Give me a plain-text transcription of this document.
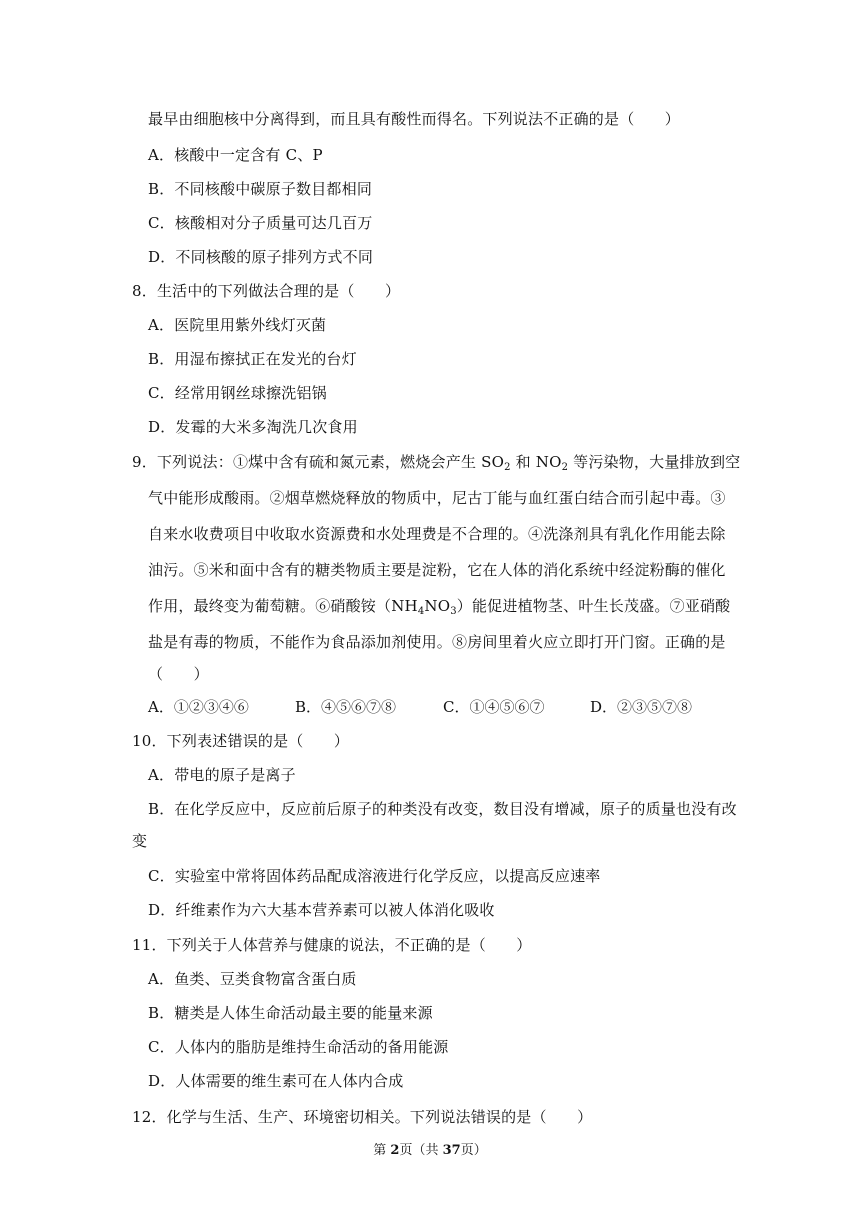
最早由细胞核中分离得到，而且具有酸性而得名。下列说法不正确的是（　　）
A．核酸中一定含有 C、P
B．不同核酸中碳原子数目都相同
C．核酸相对分子质量可达几百万
D．不同核酸的原子排列方式不同
8．生活中的下列做法合理的是（　　）
A．医院里用紫外线灯灭菌
B．用湿布擦拭正在发光的台灯
C．经常用钢丝球擦洗铝锅
D．发霉的大米多淘洗几次食用
9．下列说法：①煤中含有硫和氮元素，燃烧会产生 $SO_2$ 和 $NO_2$ 等污染物，大量排放到空
气中能形成酸雨。②烟草燃烧释放的物质中，尼古丁能与血红蛋白结合而引起中毒。③
自来水收费项目中收取水资源费和水处理费是不合理的。④洗涤剂具有乳化作用能去除
油污。⑤米和面中含有的糖类物质主要是淀粉，它在人体的消化系统中经淀粉酶的催化
作用，最终变为葡萄糖。⑥硝酸铵$(NH_4NO_3)$能促进植物茎、叶生长茂盛。⑦亚硝酸
盐是有毒的物质，不能作为食品添加剂使用。⑧房间里着火应立即打开门窗。正确的是
（　　）
A．①②③④⑥	B．④⑤⑥⑦⑧	C．①④⑤⑥⑦	D．②③⑤⑦⑧
10．下列表述错误的是（　　）
A．带电的原子是离子
B．在化学反应中，反应前后原子的种类没有改变，数目没有增减，原子的质量也没有改
变
C．实验室中常将固体药品配成溶液进行化学反应，以提高反应速率
D．纤维素作为六大基本营养素可以被人体消化吸收
11．下列关于人体营养与健康的说法，不正确的是（　　）
A．鱼类、豆类食物富含蛋白质
B．糖类是人体生命活动最主要的能量来源
C．人体内的脂肪是维持生命活动的备用能源
D．人体需要的维生素可在人体内合成
12．化学与生活、生产、环境密切相关。下列说法错误的是（　　）
第 2页（共 37页）
